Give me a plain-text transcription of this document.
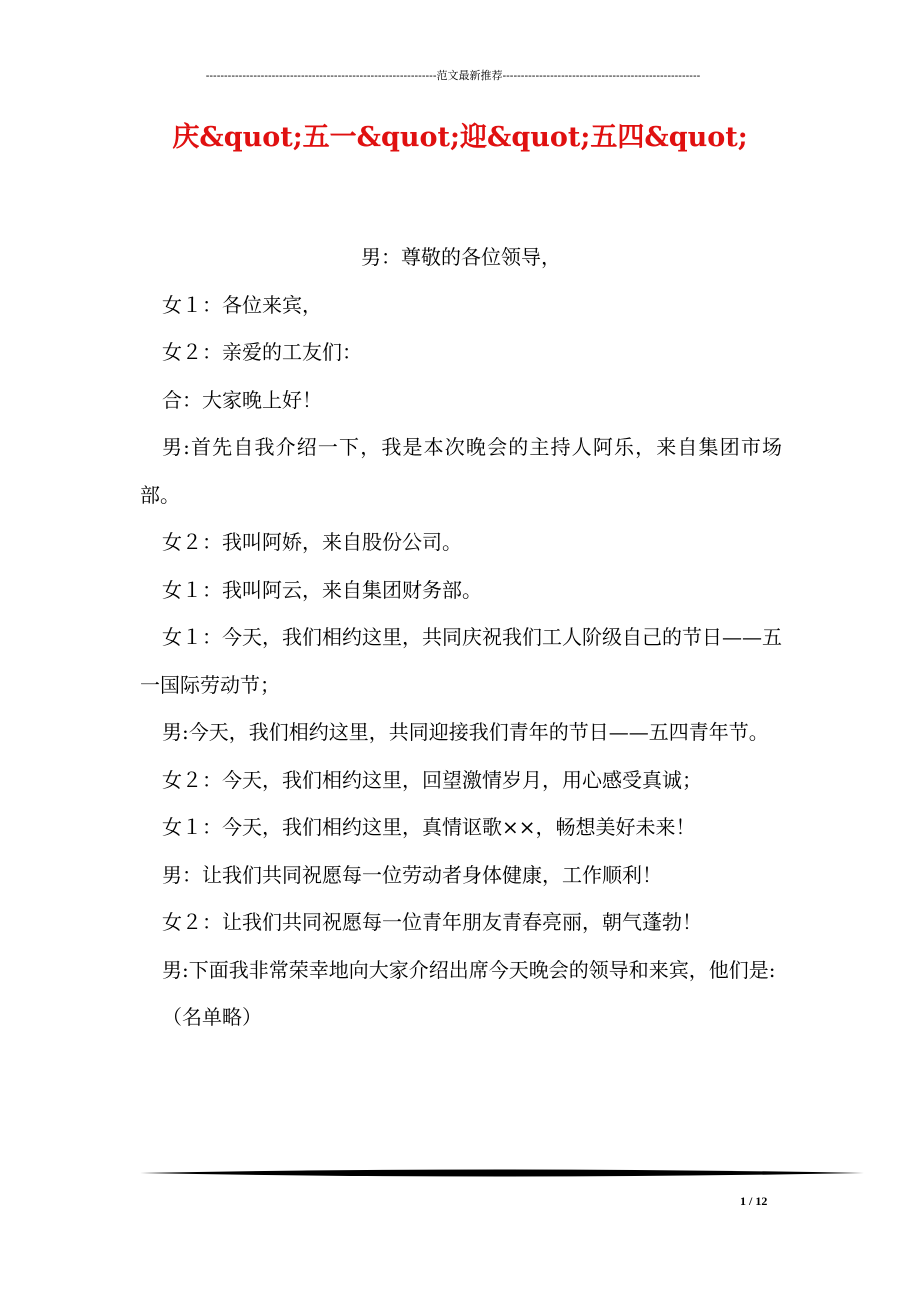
---------------------------------------------------------------范文最新推荐------------------------------------------------------
庆&quot;五一&quot;迎&quot;五四&quot;

男：尊敬的各位领导，

女１：各位来宾，

女２：亲爱的工友们：

合：大家晚上好！

男:首先自我介绍一下，我是本次晚会的主持人阿乐，来自集团市场部。

女２：我叫阿娇，来自股份公司。

女１：我叫阿云，来自集团财务部。

女１：今天，我们相约这里，共同庆祝我们工人阶级自己的节日——五一国际劳动节；

男:今天，我们相约这里，共同迎接我们青年的节日——五四青年节。

女２：今天，我们相约这里，回望激情岁月，用心感受真诚；

女１：今天，我们相约这里，真情讴歌××，畅想美好未来！

男：让我们共同祝愿每一位劳动者身体健康，工作顺利！

女２：让我们共同祝愿每一位青年朋友青春亮丽，朝气蓬勃！

男:下面我非常荣幸地向大家介绍出席今天晚会的领导和来宾，他们是:

（名单略）

1 / 12
